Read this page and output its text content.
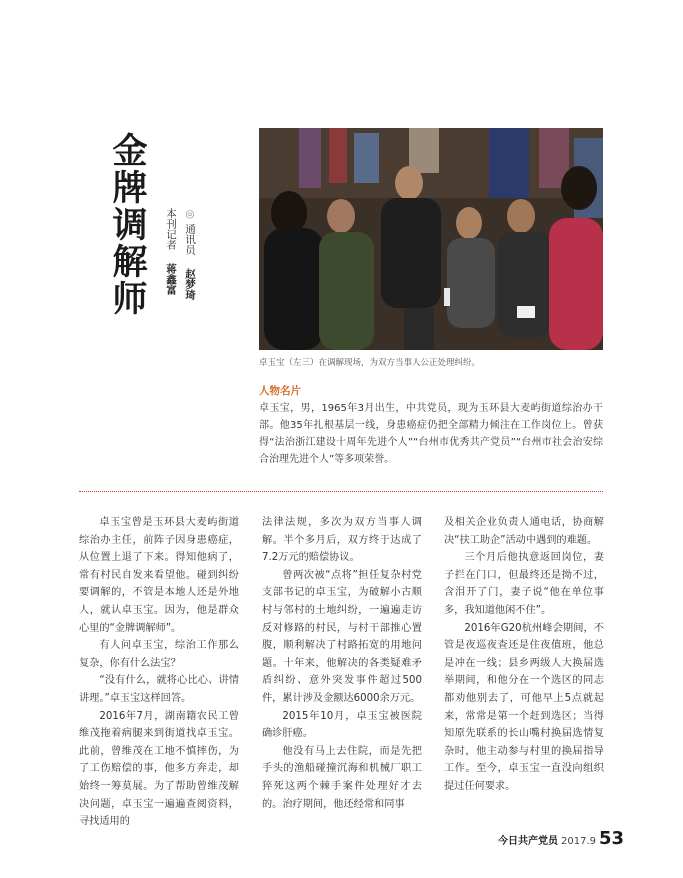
金牌调解师	◎ 通讯员    赵梦琦
本刊记者    蒋鑫富
卓玉宝（左三）在调解现场，为双方当事人公正处理纠纷。
人物名片
卓玉宝，男，1965年3月出生，中共党员，现为玉环县大麦屿街道综治办干部。他35年扎根基层一线，身患癌症仍把全部精力倾注在工作岗位上。曾获得“法治浙江建设十周年先进个人”“台州市优秀共产党员”“台州市社会治安综合治理先进个人”等多项荣誉。

卓玉宝曾是玉环县大麦屿街道综治办主任，前阵子因身患癌症，从位置上退了下来。得知他病了，常有村民自发来看望他。碰到纠纷要调解的，不管是本地人还是外地人，就认卓玉宝。因为，他是群众心里的“金牌调解师”。

有人问卓玉宝，综治工作那么复杂，你有什么法宝？

“没有什么，就将心比心、讲情讲理。”卓玉宝这样回答。

2016年7月，湖南籍农民工曾维茂拖着病腿来到街道找卓玉宝。此前，曾维茂在工地不慎摔伤，为了工伤赔偿的事，他多方奔走，却始终一筹莫展。为了帮助曾维茂解决问题，卓玉宝一遍遍查阅资料，寻找适用的

法律法规，多次为双方当事人调解。半个多月后，双方终于达成了7.2万元的赔偿协议。

曾两次被“点将”担任复杂村党支部书记的卓玉宝，为破解小古顺村与邻村的土地纠纷，一遍遍走访反对修路的村民，与村干部推心置腹，顺利解决了村路拓宽的用地问题。十年来，他解决的各类疑难矛盾纠纷、意外突发事件超过500件，累计涉及金额达6000余万元。

2015年10月，卓玉宝被医院确诊肝癌。

他没有马上去住院，而是先把手头的渔船碰撞沉海和机械厂职工猝死这两个棘手案件处理好才去的。治疗期间，他还经常和同事

及相关企业负责人通电话，协商解决“扶工助企”活动中遇到的难题。

三个月后他执意返回岗位，妻子拦在门口，但最终还是拗不过，含泪开了门，妻子说“他在单位事多，我知道他闲不住”。

2016年G20杭州峰会期间，不管是夜巡夜查还是住夜值班，他总是冲在一线；县乡两级人大换届选举期间，和他分在一个选区的同志都劝他别去了，可他早上5点就起来，常常是第一个赶到选区；当得知原先联系的长山嘴村换届选情复杂时，他主动参与村里的换届指导工作。至今，卓玉宝一直没向组织提过任何要求。

今日共产党员 2017.9 53
